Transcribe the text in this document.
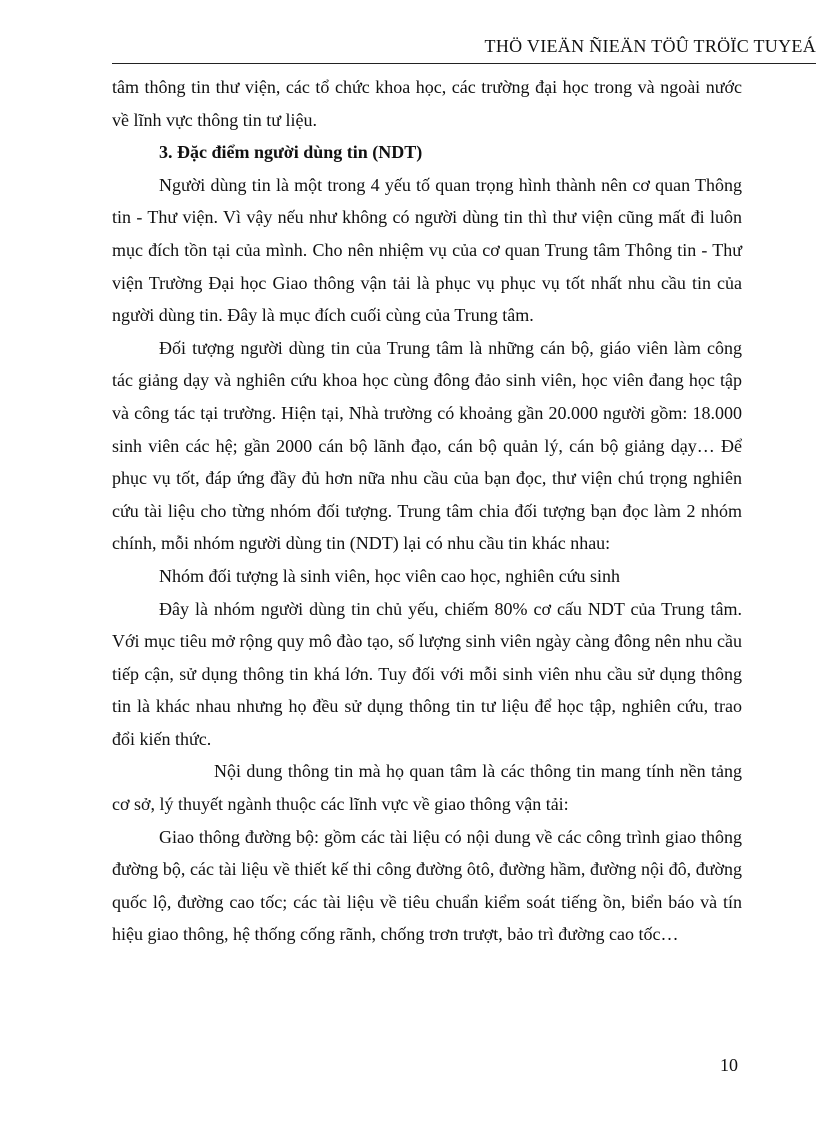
THÖ VIEÄN ÑIEÄN TÖÛ TRÖÏC TUYEÁ

tâm thông tin thư viện, các tổ chức khoa học, các trường đại học trong và ngoài nước về lĩnh vực thông tin tư liệu.

3. Đặc điểm người dùng tin (NDT)

Người dùng tin là một trong 4 yếu tố quan trọng hình thành nên cơ quan Thông tin - Thư viện. Vì vậy nếu như không có người dùng tin thì thư viện cũng mất đi luôn mục đích tồn tại của mình. Cho nên nhiệm vụ của cơ quan Trung tâm Thông tin - Thư viện Trường Đại học Giao thông vận tải là phục vụ phục vụ tốt nhất nhu cầu tin của người dùng tin. Đây là mục đích cuối cùng của Trung tâm.

Đối tượng người dùng tin của Trung tâm là những cán bộ, giáo viên làm công tác giảng dạy và nghiên cứu khoa học cùng đông đảo sinh viên, học viên đang học tập và công tác tại trường. Hiện tại, Nhà trường có khoảng gần 20.000 người gồm: 18.000 sinh viên các hệ; gần 2000 cán bộ lãnh đạo, cán bộ quản lý, cán bộ giảng dạy… Để phục vụ tốt, đáp ứng đầy đủ hơn nữa nhu cầu của bạn đọc, thư viện chú trọng nghiên cứu tài liệu cho từng nhóm đối tượng. Trung tâm chia đối tượng bạn đọc làm 2 nhóm chính, mỗi nhóm người dùng tin (NDT) lại có nhu cầu tin khác nhau:

Nhóm đối tượng là sinh viên, học viên cao học, nghiên cứu sinh

Đây là nhóm người dùng tin chủ yếu, chiếm 80% cơ cấu NDT của Trung tâm. Với mục tiêu mở rộng quy mô đào tạo, số lượng sinh viên ngày càng đông nên nhu cầu tiếp cận, sử dụng thông tin khá lớn. Tuy đối với mỗi sinh viên nhu cầu sử dụng thông tin là khác nhau nhưng họ đều sử dụng thông tin tư liệu để học tập, nghiên cứu, trao đổi kiến thức.

Nội dung thông tin mà họ quan tâm là các thông tin mang tính nền tảng cơ sở, lý thuyết ngành thuộc các lĩnh vực về giao thông vận tải:

Giao thông đường bộ: gồm các tài liệu có nội dung về các công trình giao thông đường bộ, các tài liệu về thiết kế thi công đường ôtô, đường hầm, đường nội đô, đường quốc lộ, đường cao tốc; các tài liệu về tiêu chuẩn kiểm soát tiếng ồn, biển báo và tín hiệu giao thông, hệ thống cống rãnh, chống trơn trượt, bảo trì đường cao tốc…

10
